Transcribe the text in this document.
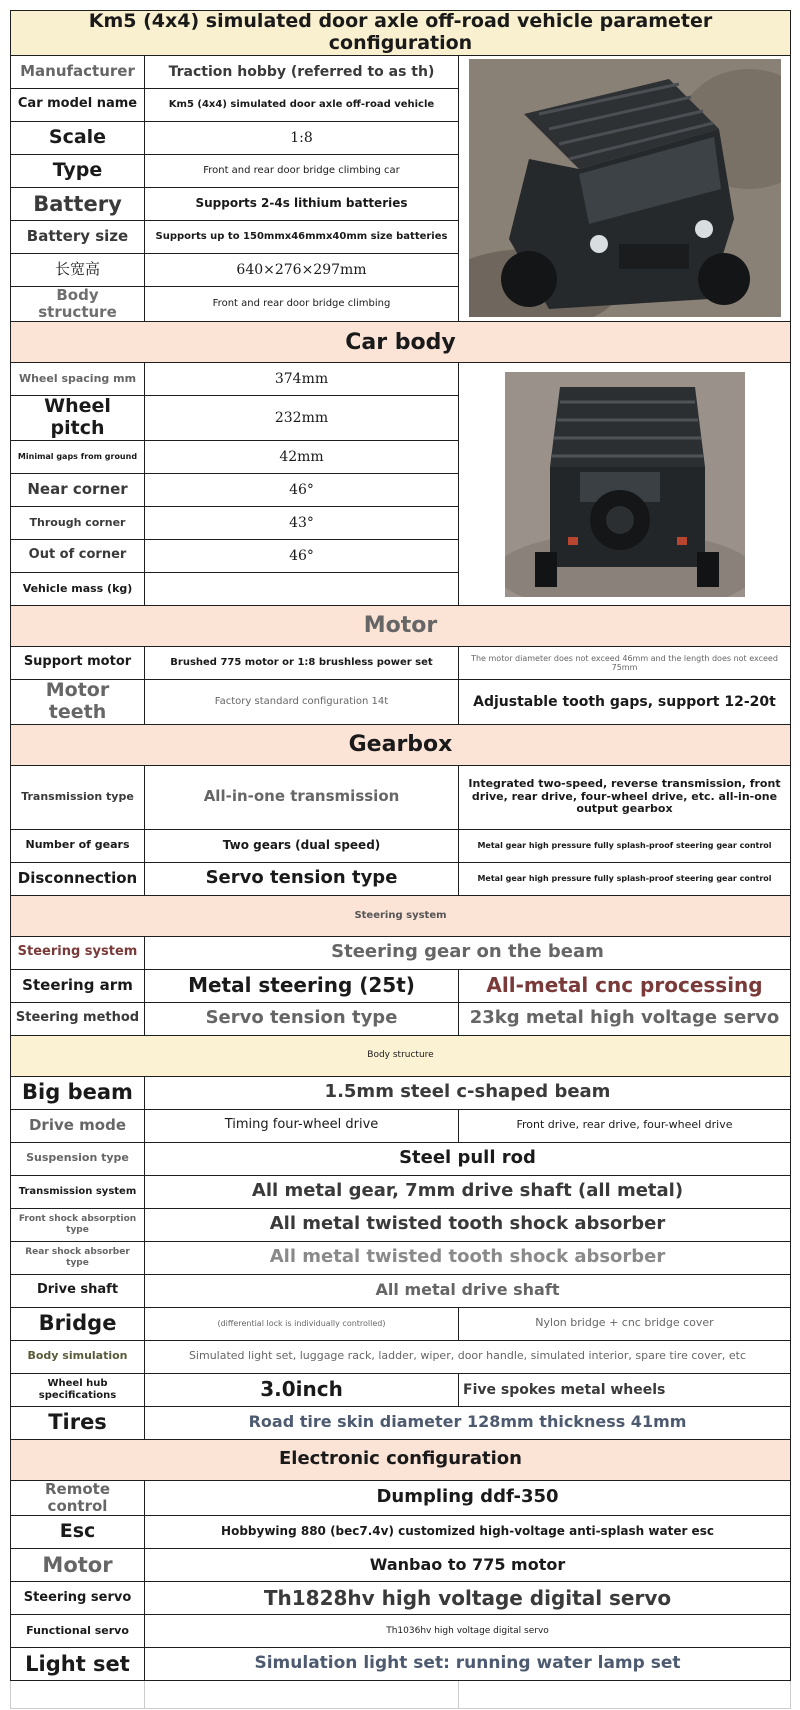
Km5 (4x4) simulated door axle off-road vehicle parameter configuration		
Manufacturer	Traction hobby (referred to as th)	

Car model name	Km5 (4x4) simulated door axle off-road vehicle	
Scale	1:8	
Type	Front and rear door bridge climbing car	
Battery	Supports 2-4s lithium batteries	
Battery size	Supports up to 150mmx46mmx40mm size batteries	
长宽高	640×276×297mm	
Body structure	Front and rear door bridge climbing	
Car body		
Wheel spacing mm	374mm	

Wheel pitch	232mm	
Minimal gaps from ground	42mm	
Near corner	46°	
Through corner	43°	
Out of corner	46°	
Vehicle mass (kg)		
Motor		
Support motor	Brushed 775 motor or 1:8 brushless power set	The motor diameter does not exceed 46mm and the length does not exceed 75mm
Motor teeth	Factory standard configuration 14t	Adjustable tooth gaps, support 12-20t
Gearbox		
Transmission type	All-in-one transmission	Integrated two-speed, reverse transmission, front drive, rear drive, four-wheel drive, etc. all-in-one output gearbox
Number of gears	Two gears (dual speed)	Metal gear high pressure fully splash-proof steering gear control
Disconnection	Servo tension type	Metal gear high pressure fully splash-proof steering gear control
Steering system		
Steering system	Steering gear on the beam	
Steering arm	Metal steering (25t)	All-metal cnc processing
Steering method	Servo tension type	23kg metal high voltage servo
Body structure		
Big beam	1.5mm steel c-shaped beam	
Drive mode	Timing four-wheel drive	Front drive, rear drive, four-wheel drive
Suspension type	Steel pull rod	
Transmission system	All metal gear, 7mm drive shaft (all metal)	
Front shock absorption type	All metal twisted tooth shock absorber	
Rear shock absorber type	All metal twisted tooth shock absorber	
Drive shaft	All metal drive shaft	
Bridge	(differential lock is individually controlled)	Nylon bridge + cnc bridge cover
Body simulation	Simulated light set, luggage rack, ladder, wiper, door handle, simulated interior, spare tire cover, etc	
Wheel hub specifications	3.0inch	Five spokes metal wheels
Tires	Road tire skin diameter 128mm thickness 41mm	
Electronic configuration		
Remote control	Dumpling ddf-350	
Esc	Hobbywing 880 (bec7.4v) customized high-voltage anti-splash water esc	
Motor	Wanbao to 775 motor	
Steering servo	Th1828hv high voltage digital servo	
Functional servo	Th1036hv high voltage digital servo	
Light set	Simulation light set: running water lamp set	
